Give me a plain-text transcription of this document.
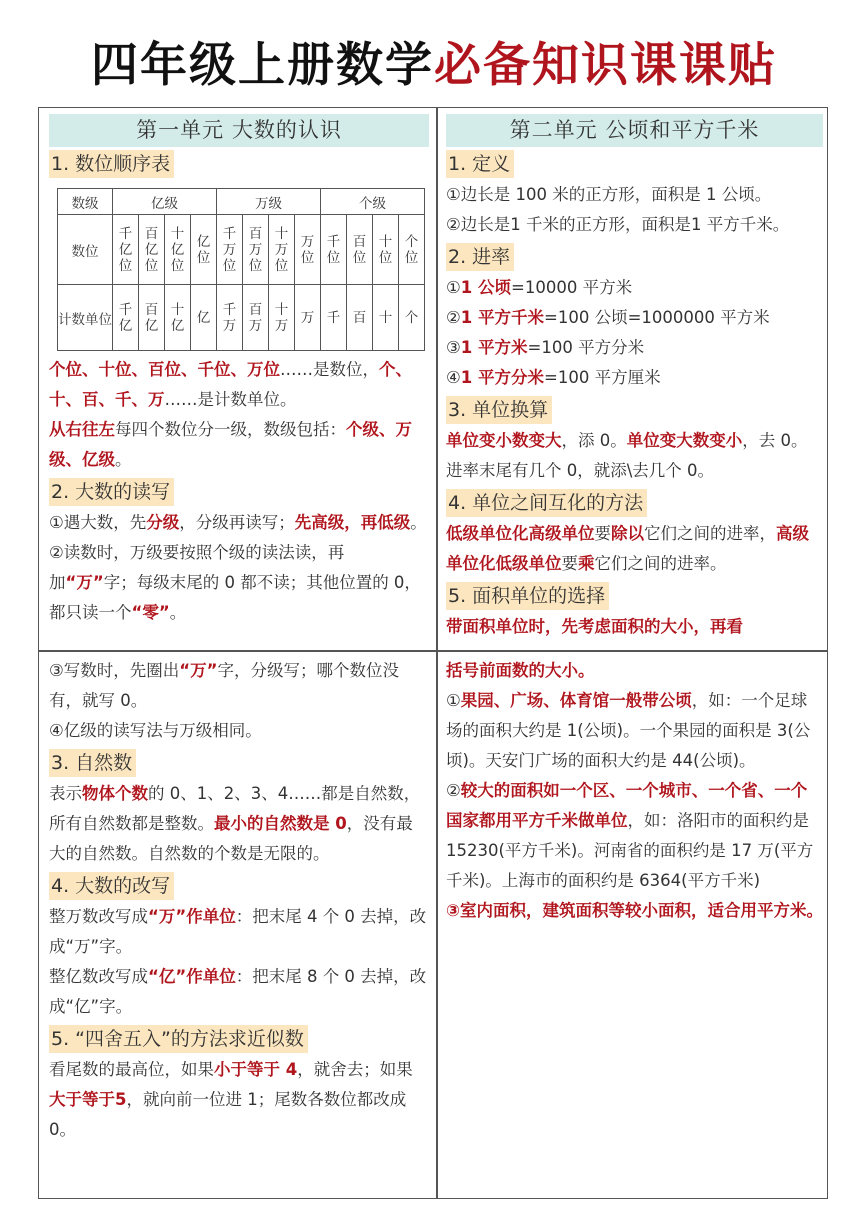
四年级上册数学必备知识课课贴
第一单元 大数的认识
1. 数位顺序表
数级	亿级				万级				个级			
数位	千亿位	百亿位	十亿位	亿位	千万位	百万位	十万位	万位	千位	百位	十位	个位
计数单位	千亿	百亿	十亿	亿	千万	百万	十万	万	千	百	十	个

个位、十位、百位、千位、万位……是数位，个、十、百、千、万……是计数单位。

从右往左每四个数位分一级，数级包括：个级、万级、亿级。

2. 大数的读写

①遇大数，先分级，分级再读写；先高级，再低级。

②读数时，万级要按照个级的读法读，再加“万”字；每级末尾的 0 都不读；其他位置的 0，都只读一个“零”。

第二单元 公顷和平方千米
1. 定义

①边长是 100 米的正方形，面积是 1 公顷。

②边长是1 千米的正方形，面积是1 平方千米。

2. 进率

①1 公顷=10000 平方米

②1 平方千米=100 公顷=1000000 平方米

③1 平方米=100 平方分米

④1 平方分米=100 平方厘米

3. 单位换算

单位变小数变大，添 0。单位变大数变小，去 0。进率末尾有几个 0，就添\去几个 0。

4. 单位之间互化的方法

低级单位化高级单位要除以它们之间的进率，高级单位化低级单位要乘它们之间的进率。

5. 面积单位的选择

带面积单位时，先考虑面积的大小，再看

③写数时，先圈出“万”字，分级写；哪个数位没有，就写 0。

④亿级的读写法与万级相同。

3. 自然数

表示物体个数的 0、1、2、3、4……都是自然数，所有自然数都是整数。最小的自然数是 0，没有最大的自然数。自然数的个数是无限的。

4. 大数的改写

整万数改写成“万”作单位：把末尾 4 个 0 去掉，改成“万”字。

整亿数改写成“亿”作单位：把末尾 8 个 0 去掉，改成“亿”字。

5. “四舍五入”的方法求近似数

看尾数的最高位，如果小于等于 4，就舍去；如果大于等于5，就向前一位进 1；尾数各数位都改成 0。

括号前面数的大小。

①果园、广场、体育馆一般带公顷，如：一个足球场的面积大约是 1(公顷)。一个果园的面积是 3(公顷)。天安门广场的面积大约是 44(公顷)。

②较大的面积如一个区、一个城市、一个省、一个国家都用平方千米做单位，如：洛阳市的面积约是 15230(平方千米)。河南省的面积约是 17 万(平方千米)。上海市的面积约是 6364(平方千米)

③室内面积，建筑面积等较小面积，适合用平方米。
